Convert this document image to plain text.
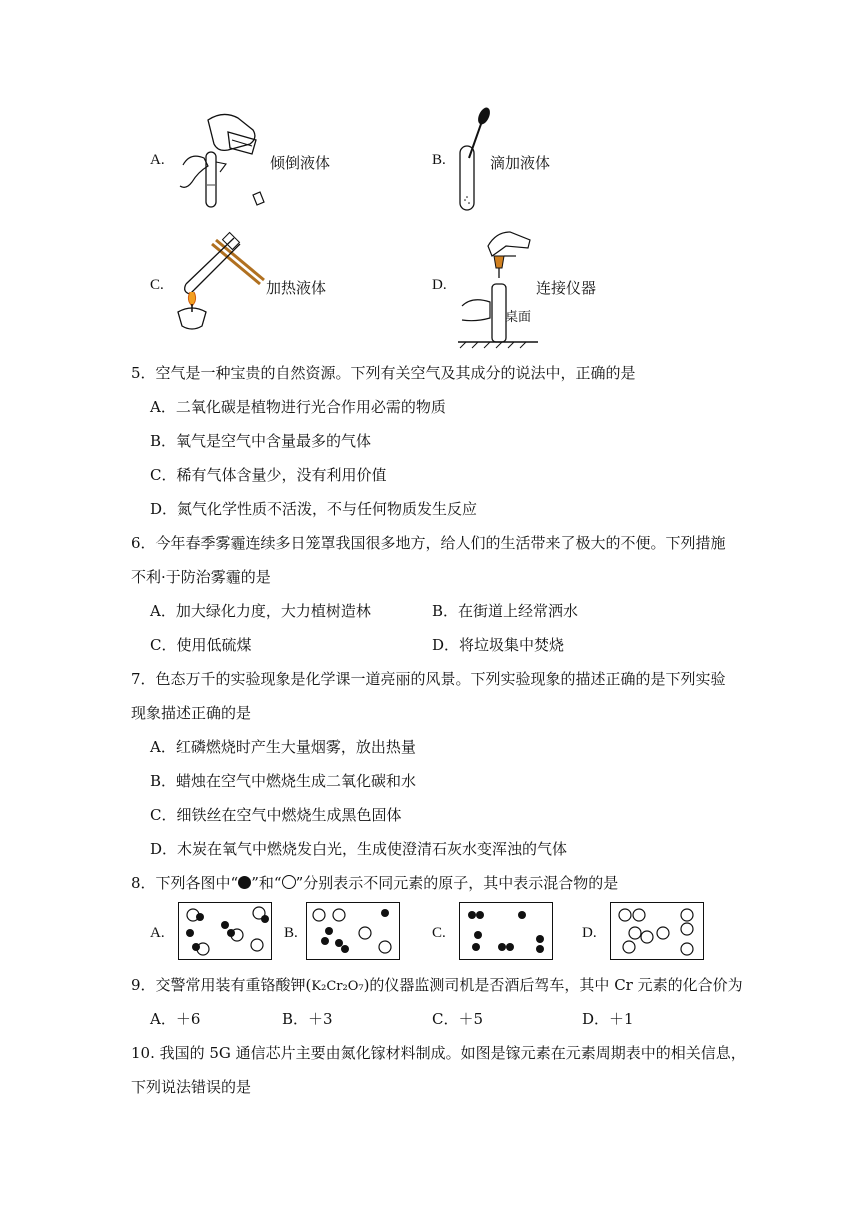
A.	倾倒液体	B.	滴加液体
C.	加热液体	D.
桌面
连接仪器
5．空气是一种宝贵的自然资源。下列有关空气及其成分的说法中，正确的是
A．二氧化碳是植物进行光合作用必需的物质
B．氧气是空气中含量最多的气体
C．稀有气体含量少，没有利用价值
D．氮气化学性质不活泼，不与任何物质发生反应
6．今年春季雾霾连续多日笼罩我国很多地方，给人们的生活带来了极大的不便。下列措施
不利·于防治雾霾的是
A．加大绿化力度，大力植树造林	B．在街道上经常洒水
C．使用低硫煤	D．将垃圾集中焚烧
7．色态万千的实验现象是化学课一道亮丽的风景。下列实验现象的描述正确的是下列实验
现象描述正确的是
A．红磷燃烧时产生大量烟雾，放出热量
B．蜡烛在空气中燃烧生成二氧化碳和水
C．细铁丝在空气中燃烧生成黑色固体
D．木炭在氧气中燃烧发白光，生成使澄清石灰水变浑浊的气体
8．下列各图中“ ”和“ ”分别表示不同元素的原子，其中表示混合物的是
A.	B.	C.	D.
9．交警常用装有重铬酸钾(K₂Cr₂O₇)的仪器监测司机是否酒后驾车，其中 Cr 元素的化合价为
A．＋6	B．＋3	C．＋5	D．＋1
10. 我国的 5G 通信芯片主要由氮化镓材料制成。如图是镓元素在元素周期表中的相关信息，
下列说法错误的是
